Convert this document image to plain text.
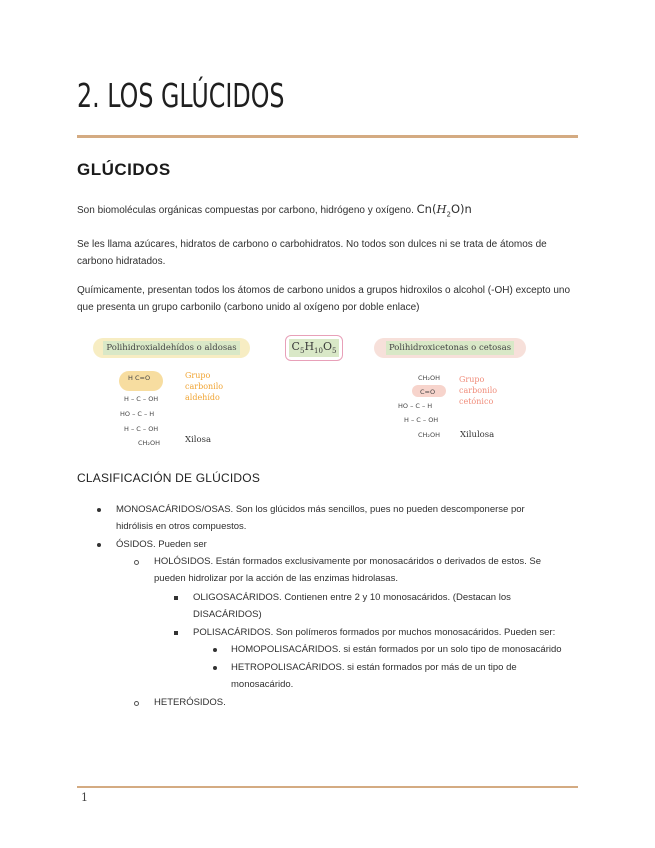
2. LOS GLÚCIDOS
GLÚCIDOS

Son biomoléculas orgánicas compuestas por carbono, hidrógeno y oxígeno. $Cn(H_2O)n$

Se les llama azúcares, hidratos de carbono o carbohidratos. No todos son dulces ni se trata de átomos de carbono hidratados.

Químicamente, presentan todos los átomos de carbono unidos a grupos hidroxilos o alcohol (-OH) excepto uno que presenta un grupo carbonilo (carbono unido al oxígeno por doble enlace)

Polihidroxialdehídos o aldosas	$C_5H_{10}O_5$	Polihidroxicetonas o cetosas
H C=O
H – C – OH
HO – C – H
H – C – OH
CH₂OH
Grupo
carbonilo
aldehído
Xilosa
CH₂OH
C=O
HO – C – H
H – C – OH
CH₂OH
Grupo
carbonilo
cetónico
Xilulosa
CLASIFICACIÓN DE GLÚCIDOS
MONOSACÁRIDOS/OSAS. Son los glúcidos más sencillos, pues no pueden descomponerse por hidrólisis en otros compuestos.
ÓSIDOS. Pueden ser
HOLÓSIDOS. Están formados exclusivamente por monosacáridos o derivados de estos. Se pueden hidrolizar por la acción de las enzimas hidrolasas.
OLIGOSACÁRIDOS. Contienen entre 2 y 10 monosacáridos. (Destacan los DISACÁRIDOS)
POLISACÁRIDOS. Son polímeros formados por muchos monosacáridos. Pueden ser:
HOMOPOLISACÁRIDOS. si están formados por un solo tipo de monosacárido
HETROPOLISACÁRIDOS. si están formados por más de un tipo de monosacárido.
HETERÓSIDOS.
1
